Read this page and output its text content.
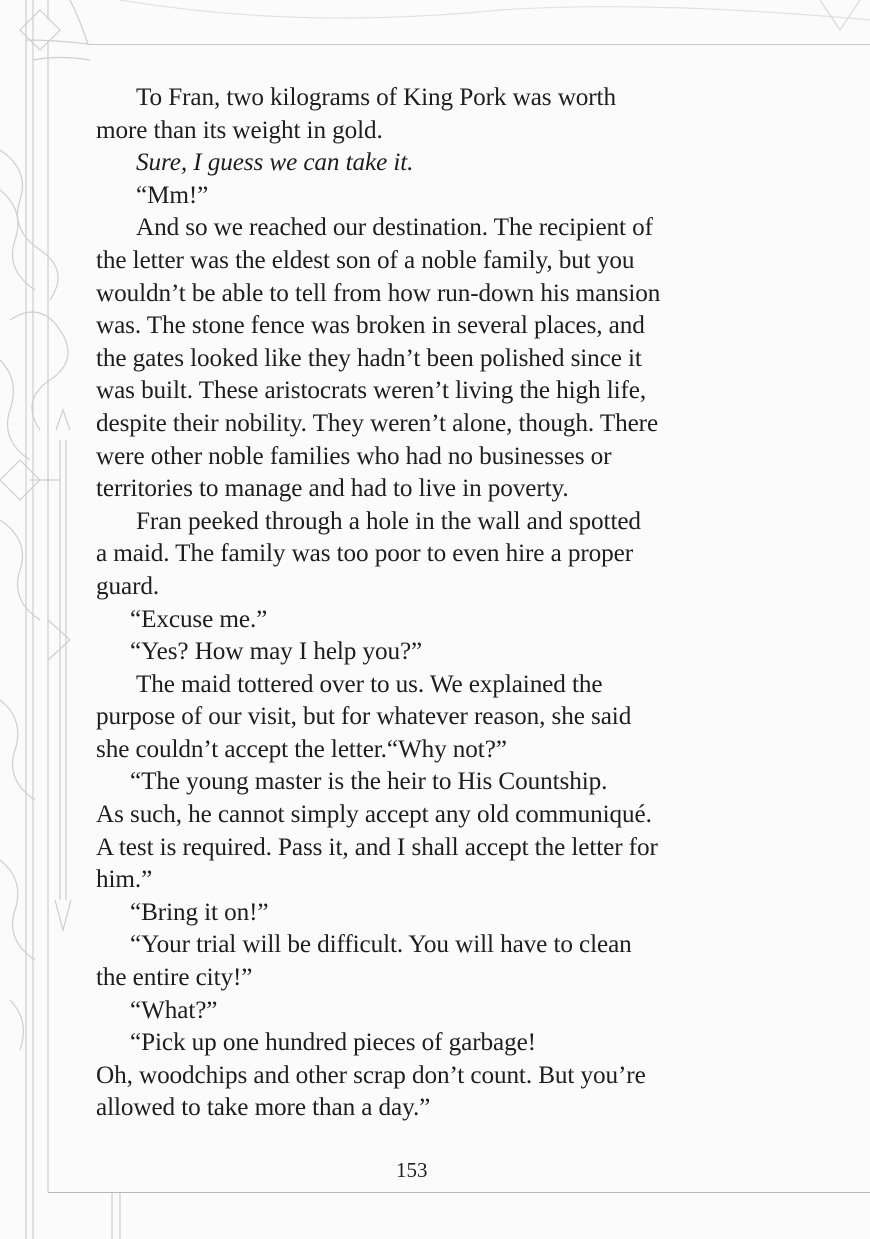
To Fran, two kilograms of King Pork was worth
more than its weight in gold.

Sure, I guess we can take it.

“Mm!”

And so we reached our destination. The recipient of
the letter was the eldest son of a noble family, but you
wouldn’t be able to tell from how run-down his mansion
was. The stone fence was broken in several places, and
the gates looked like they hadn’t been polished since it
was built. These aristocrats weren’t living the high life,
despite their nobility. They weren’t alone, though. There
were other noble families who had no businesses or
territories to manage and had to live in poverty.

Fran peeked through a hole in the wall and spotted
a maid. The family was too poor to even hire a proper
guard.

“Excuse me.”

“Yes? How may I help you?”

The maid tottered over to us. We explained the
purpose of our visit, but for whatever reason, she said
she couldn’t accept the letter.“Why not?”

“The young master is the heir to His Countship.
As such, he cannot simply accept any old communiqué.
A test is required. Pass it, and I shall accept the letter for
him.”

“Bring it on!”

“Your trial will be difficult. You will have to clean
the entire city!”

“What?”

“Pick up one hundred pieces of garbage!
Oh, woodchips and other scrap don’t count. But you’re
allowed to take more than a day.”

153
